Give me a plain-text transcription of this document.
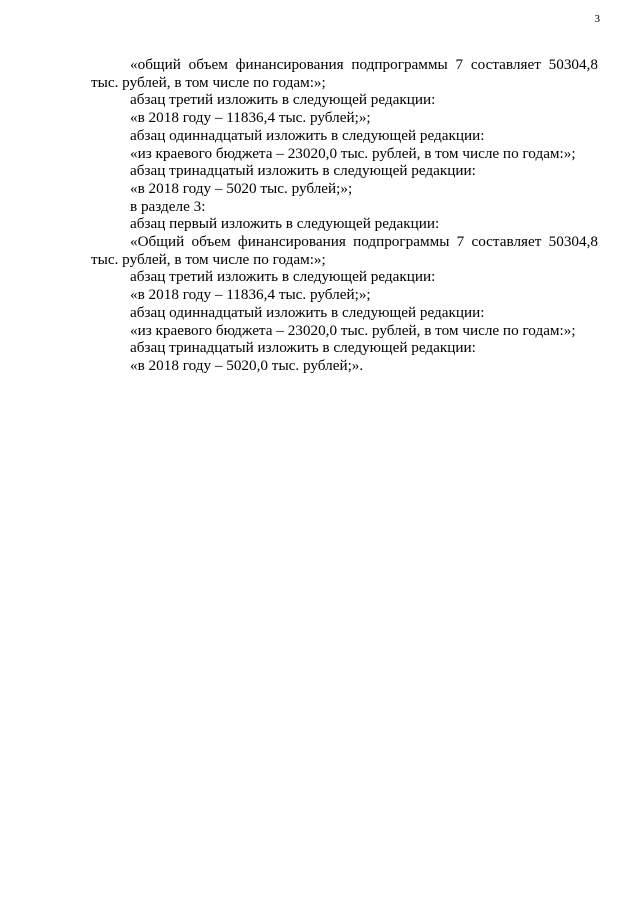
3

«общий объем финансирования подпрограммы 7 составляет 50304,8 тыс. рублей, в том числе по годам:»;

абзац третий изложить в следующей редакции:

«в 2018 году – 11836,4 тыс. рублей;»;

абзац одиннадцатый изложить в следующей редакции:

«из краевого бюджета – 23020,0 тыс. рублей, в том числе по годам:»;

абзац тринадцатый изложить в следующей редакции:

«в 2018 году – 5020 тыс. рублей;»;

в разделе 3:

абзац первый изложить в следующей редакции:

«Общий объем финансирования подпрограммы 7 составляет 50304,8 тыс. рублей, в том числе по годам:»;

абзац третий изложить в следующей редакции:

«в 2018 году – 11836,4 тыс. рублей;»;

абзац одиннадцатый изложить в следующей редакции:

«из краевого бюджета – 23020,0 тыс. рублей, в том числе по годам:»;

абзац тринадцатый изложить в следующей редакции:

«в 2018 году – 5020,0 тыс. рублей;».
